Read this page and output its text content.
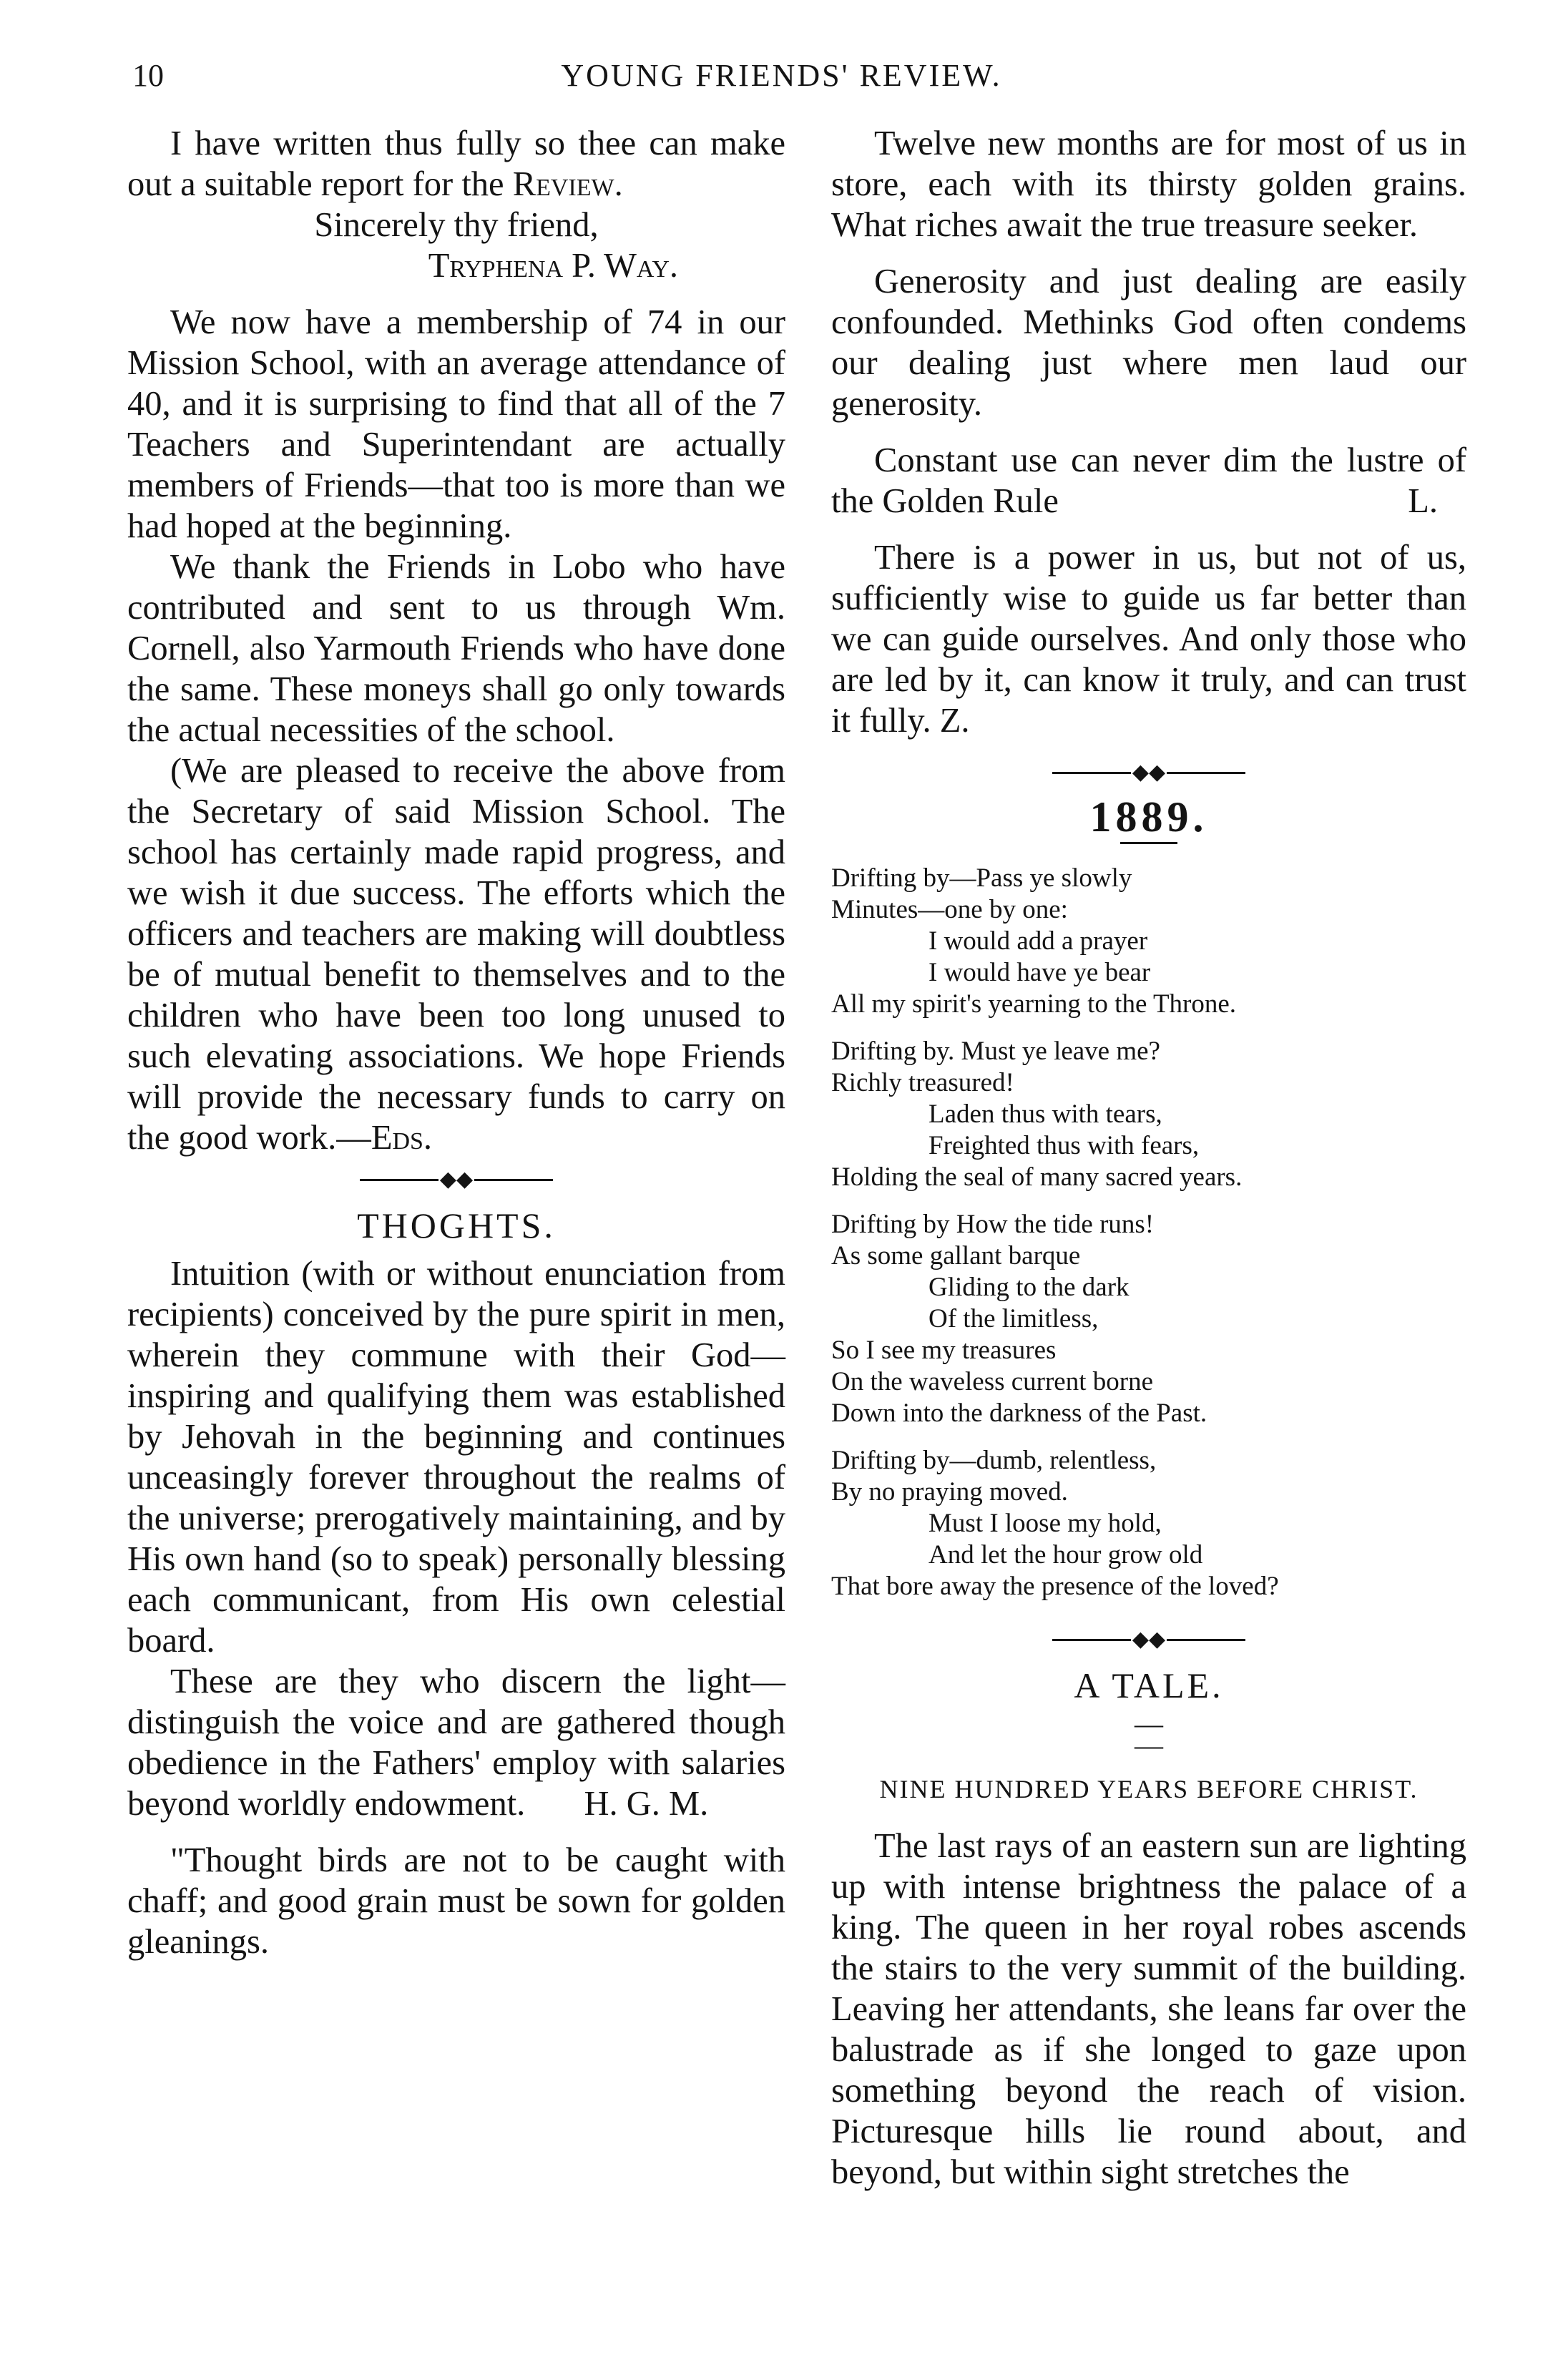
10	YOUNG FRIENDS' REVIEW.

I have written thus fully so thee can make out a suitable report for the Review.

Sincerely thy friend,

Tryphena P. Way.

We now have a membership of 74 in our Mission School, with an average attendance of 40, and it is surprising to find that all of the 7 Teachers and Superintendant are actually members of Friends—that too is more than we had hoped at the beginning.

We thank the Friends in Lobo who have contributed and sent to us through Wm. Cornell, also Yarmouth Friends who have done the same. These moneys shall go only towards the actual necessities of the school.

(We are pleased to receive the above from the Secretary of said Mission School. The school has certainly made rapid progress, and we wish it due success. The efforts which the officers and teachers are making will doubtless be of mutual benefit to themselves and to the children who have been too long unused to such elevating associations. We hope Friends will provide the necessary funds to carry on the good work.—Eds.

◆◆
THOGHTS.

Intuition (with or without enunciation from recipients) conceived by the pure spirit in men, wherein they commune with their God—inspiring and qualifying them was established by Jehovah in the beginning and continues unceasingly forever throughout the realms of the universe; prerogatively maintaining, and by His own hand (so to speak) personally blessing each communicant, from His own celestial board.

These are they who discern the light—distinguish the voice and are gathered though obedience in the Fathers' employ with salaries beyond worldly endowment. H. G. M.

"Thought birds are not to be caught with chaff; and good grain must be sown for golden gleanings.

Twelve new months are for most of us in store, each with its thirsty golden grains. What riches await the true treasure seeker.

Generosity and just dealing are easily confounded. Methinks God often condems our dealing just where men laud our generosity.

Constant use can never dim the lustre of the Golden Rule	L.

There is a power in us, but not of us, sufficiently wise to guide us far better than we can guide ourselves. And only those who are led by it, can know it truly, and can trust it fully. Z.

◆◆
1889.
Drifting by—Pass ye slowly
Minutes—one by one:
I would add a prayer
I would have ye bear
All my spirit's yearning to the Throne.
Drifting by. Must ye leave me?
Richly treasured!
Laden thus with tears,
Freighted thus with fears,
Holding the seal of many sacred years.
Drifting by How the tide runs!
As some gallant barque
Gliding to the dark
Of the limitless,
So I see my treasures
On the waveless current borne
Down into the darkness of the Past.
Drifting by—dumb, relentless,
By no praying moved.
Must I loose my hold,
And let the hour grow old
That bore away the presence of the loved?
◆◆
A TALE.
— —
NINE HUNDRED YEARS BEFORE CHRIST.

The last rays of an eastern sun are lighting up with intense brightness the palace of a king. The queen in her royal robes ascends the stairs to the very summit of the building. Leaving her attendants, she leans far over the balustrade as if she longed to gaze upon something beyond the reach of vision. Picturesque hills lie round about, and beyond, but within sight stretches the
